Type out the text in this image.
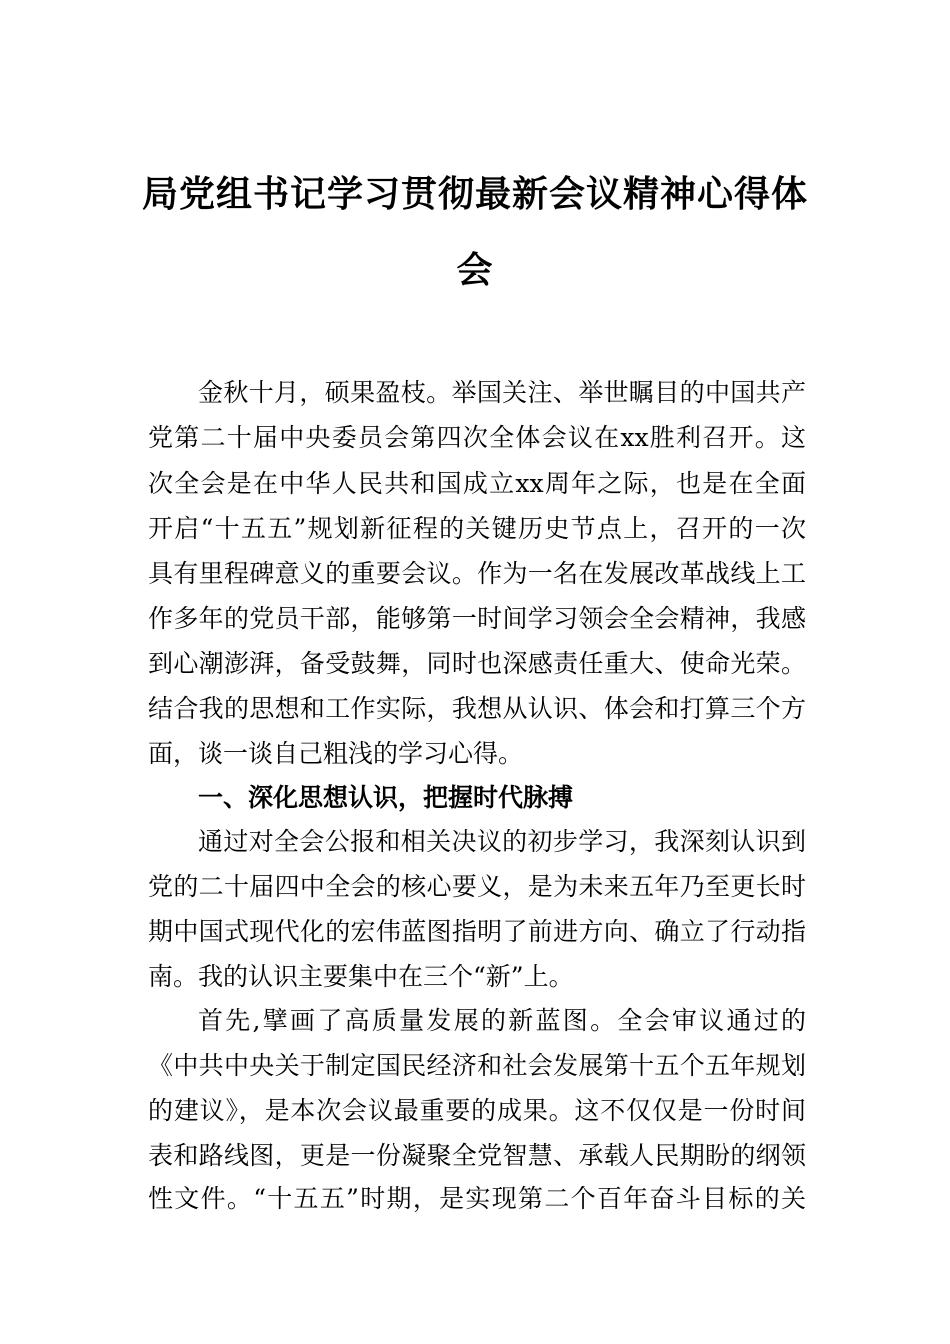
局党组书记学习贯彻最新会议精神心得体
会
金秋十月，硕果盈枝。举国关注、举世瞩目的中国共产
党第二十届中央委员会第四次全体会议在xx胜利召开。这
次全会是在中华人民共和国成立xx周年之际，也是在全面
开启“十五五”规划新征程的关键历史节点上，召开的一次
具有里程碑意义的重要会议。作为一名在发展改革战线上工
作多年的党员干部，能够第一时间学习领会全会精神，我感
到心潮澎湃，备受鼓舞，同时也深感责任重大、使命光荣。
结合我的思想和工作实际，我想从认识、体会和打算三个方
面，谈一谈自己粗浅的学习心得。
一、深化思想认识，把握时代脉搏
通过对全会公报和相关决议的初步学习，我深刻认识到
党的二十届四中全会的核心要义，是为未来五年乃至更长时
期中国式现代化的宏伟蓝图指明了前进方向、确立了行动指
南。我的认识主要集中在三个“新”上。
首先,擘画了高质量发展的新蓝图。全会审议通过的
《中共中央关于制定国民经济和社会发展第十五个五年规划
的建议》，是本次会议最重要的成果。这不仅仅是一份时间
表和路线图，更是一份凝聚全党智慧、承载人民期盼的纲领
性文件。“十五五”时期，是实现第二个百年奋斗目标的关
